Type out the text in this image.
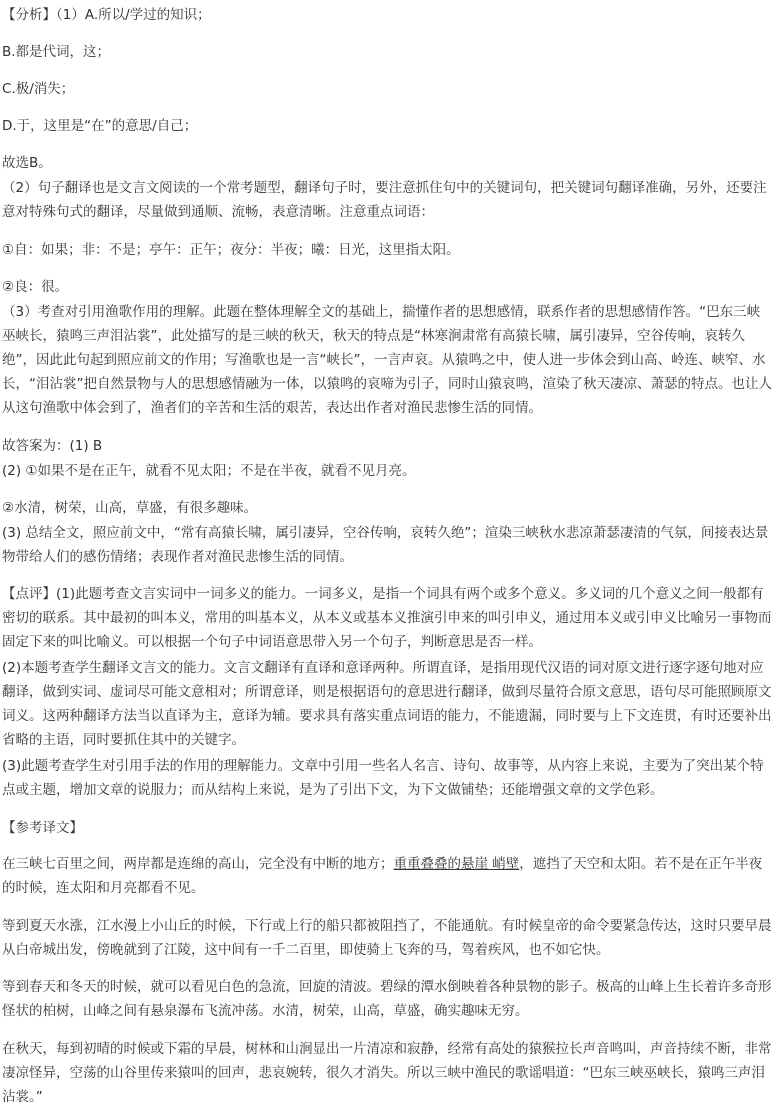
【分析】（1）A.所以/学过的知识；

B.都是代词，这；

C.极/消失；

D.于，这里是“在”的意思/自己；

故选B。

（2）句子翻译也是文言文阅读的一个常考题型，翻译句子时，要注意抓住句中的关键词句，把关键词句翻译准确，另外，还要注意对特殊句式的翻译，尽量做到通顺、流畅，表意清晰。注意重点词语：

①自：如果；非：不是；亭午：正午；夜分：半夜；曦：日光，这里指太阳。

②良：很。

（3）考查对引用渔歌作用的理解。此题在整体理解全文的基础上，揣懂作者的思想感情，联系作者的思想感情作答。“巴东三峡巫峡长，猿鸣三声泪沾裳”，此处描写的是三峡的秋天，秋天的特点是“林寒涧肃常有高猿长啸，属引凄异，空谷传响，哀转久绝”，因此此句起到照应前文的作用；写渔歌也是一言“峡长”，一言声哀。从猿鸣之中，使人进一步体会到山高、岭连、峡窄、水长，“泪沾裳”把自然景物与人的思想感情融为一体，以猿鸣的哀啼为引子，同时山猿哀鸣，渲染了秋天凄凉、萧瑟的特点。也让人从这句渔歌中体会到了，渔者们的辛苦和生活的艰苦，表达出作者对渔民悲惨生活的同情。

故答案为：(1) B

(2) ①如果不是在正午，就看不见太阳；不是在半夜，就看不见月亮。

②水清，树荣，山高，草盛，有很多趣味。

(3) 总结全文，照应前文中，“常有高猿长啸，属引凄异，空谷传响，哀转久绝”；渲染三峡秋水悲凉萧瑟凄清的气氛，间接表达景物带给人们的感伤情绪；表现作者对渔民悲惨生活的同情。

【点评】(1)此题考查文言实词中一词多义的能力。一词多义，是指一个词具有两个或多个意义。多义词的几个意义之间一般都有密切的联系。其中最初的叫本义，常用的叫基本义，从本义或基本义推演引申来的叫引申义，通过用本义或引申义比喻另一事物而固定下来的叫比喻义。可以根据一个句子中词语意思带入另一个句子，判断意思是否一样。

(2)本题考查学生翻译文言文的能力。文言文翻译有直译和意译两种。所谓直译，是指用现代汉语的词对原文进行逐字逐句地对应翻译，做到实词、虚词尽可能文意相对；所谓意译，则是根据语句的意思进行翻译，做到尽量符合原文意思，语句尽可能照顾原文词义。这两种翻译方法当以直译为主，意译为辅。要求具有落实重点词语的能力，不能遗漏，同时要与上下文连贯，有时还要补出省略的主语，同时要抓住其中的关键字。

(3)此题考查学生对引用手法的作用的理解能力。文章中引用一些名人名言、诗句、故事等，从内容上来说，主要为了突出某个特点或主题，增加文章的说服力；而从结构上来说，是为了引出下文，为下文做铺垫；还能增强文章的文学色彩。

【参考译文】

在三峡七百里之间，两岸都是连绵的高山，完全没有中断的地方；重重叠叠的悬崖 峭壁，遮挡了天空和太阳。若不是在正午半夜的时候，连太阳和月亮都看不见。

等到夏天水涨，江水漫上小山丘的时候，下行或上行的船只都被阻挡了，不能通航。有时候皇帝的命令要紧急传达，这时只要早晨从白帝城出发，傍晚就到了江陵，这中间有一千二百里，即使骑上飞奔的马，驾着疾风，也不如它快。

等到春天和冬天的时候，就可以看见白色的急流，回旋的清波。碧绿的潭水倒映着各种景物的影子。极高的山峰上生长着许多奇形怪状的柏树，山峰之间有悬泉瀑布飞流冲荡。水清，树荣，山高，草盛，确实趣味无穷。

在秋天，每到初晴的时候或下霜的早晨，树林和山涧显出一片清凉和寂静，经常有高处的猿猴拉长声音鸣叫，声音持续不断，非常凄凉怪异，空荡的山谷里传来猿叫的回声，悲哀婉转，很久才消失。所以三峡中渔民的歌谣唱道：“巴东三峡巫峡长，猿鸣三声泪沾裳。”
